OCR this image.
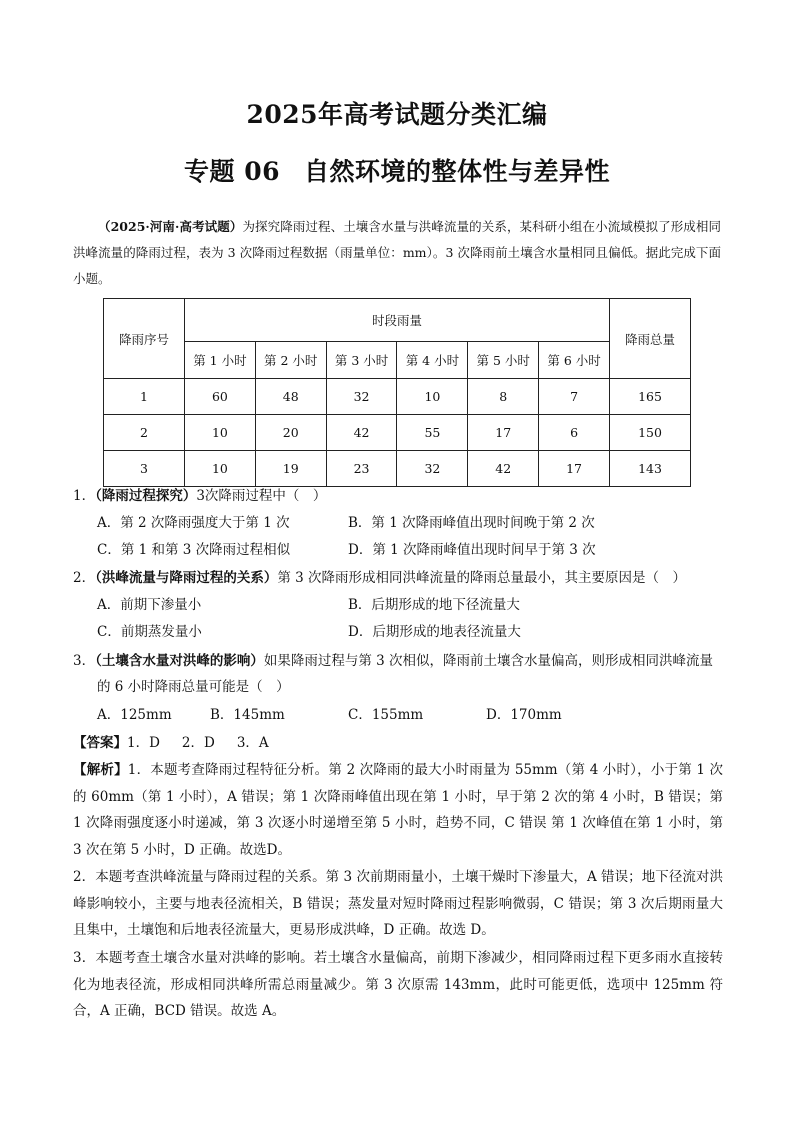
2025年高考试题分类汇编
专题 06 自然环境的整体性与差异性
（2025·河南·高考试题）为探究降雨过程、土壤含水量与洪峰流量的关系，某科研小组在小流域模拟了形成相同洪峰流量的降雨过程，表为 3 次降雨过程数据（雨量单位：mm）。3 次降雨前土壤含水量相同且偏低。据此完成下面小题。
降雨序号	时段雨量						降雨总量
	第 1 小时	第 2 小时	第 3 小时	第 4 小时	第 5 小时	第 6 小时	
1	60	48	32	10	8	7	165
2	10	20	42	55	17	6	150
3	10	19	23	32	42	17	143
1．（降雨过程探究）3次降雨过程中（　）
A．第 2 次降雨强度大于第 1 次	B．第 1 次降雨峰值出现时间晚于第 2 次
C．第 1 和第 3 次降雨过程相似	D．第 1 次降雨峰值出现时间早于第 3 次
2．（洪峰流量与降雨过程的关系）第 3 次降雨形成相同洪峰流量的降雨总量最小，其主要原因是（　）
A．前期下渗量小	B．后期形成的地下径流量大
C．前期蒸发量小	D．后期形成的地表径流量大
3．（土壤含水量对洪峰的影响）如果降雨过程与第 3 次相似，降雨前土壤含水量偏高，则形成相同洪峰流量的 6 小时降雨总量可能是（　）
A．125mm	B．145mm	C．155mm	D．170mm
【答案】1．D 2．D 3．A
【解析】1．本题考查降雨过程特征分析。第 2 次降雨的最大小时雨量为 55mm（第 4 小时），小于第 1 次的 60mm（第 1 小时），A 错误；第 1 次降雨峰值出现在第 1 小时，早于第 2 次的第 4 小时，B 错误；第 1 次降雨强度逐小时递减，第 3 次逐小时递增至第 5 小时，趋势不同，C 错误 第 1 次峰值在第 1 小时，第 3 次在第 5 小时，D 正确。故选D。
2．本题考查洪峰流量与降雨过程的关系。第 3 次前期雨量小，土壤干燥时下渗量大，A 错误；地下径流对洪峰影响较小，主要与地表径流相关，B 错误；蒸发量对短时降雨过程影响微弱，C 错误；第 3 次后期雨量大且集中，土壤饱和后地表径流量大，更易形成洪峰，D 正确。故选 D。
3．本题考查土壤含水量对洪峰的影响。若土壤含水量偏高，前期下渗减少，相同降雨过程下更多雨水直接转化为地表径流，形成相同洪峰所需总雨量减少。第 3 次原需 143mm，此时可能更低，选项中 125mm 符合，A 正确，BCD 错误。故选 A。
